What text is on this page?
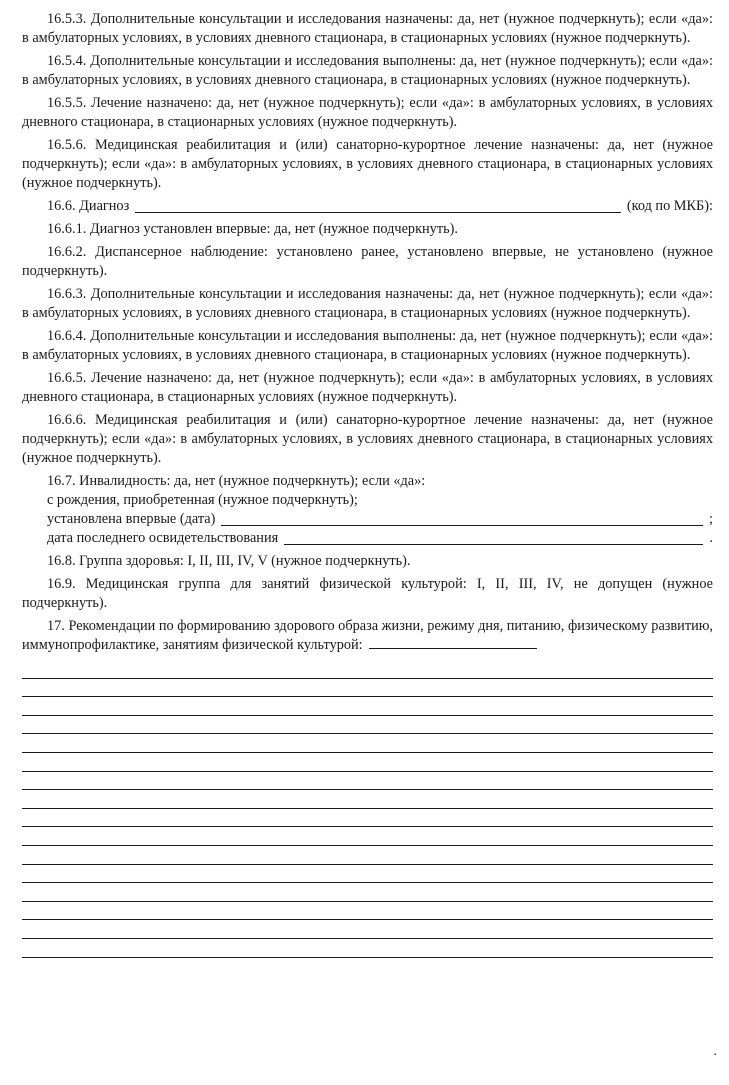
16.5.3. Дополнительные консультации и исследования назначены: да, нет (нужное подчеркнуть); если «да»: в амбулаторных условиях, в условиях дневного стационара, в стационарных условиях (нужное подчеркнуть).

16.5.4. Дополнительные консультации и исследования выполнены: да, нет (нужное подчеркнуть); если «да»: в амбулаторных условиях, в условиях дневного стационара, в стационарных условиях (нужное подчеркнуть).

16.5.5. Лечение назначено: да, нет (нужное подчеркнуть); если «да»: в амбулаторных условиях, в условиях дневного стационара, в стационарных условиях (нужное подчеркнуть).

16.5.6. Медицинская реабилитация и (или) санаторно-курортное лечение назначены: да, нет (нужное подчеркнуть); если «да»: в амбулаторных условиях, в условиях дневного стационара, в стационарных условиях (нужное подчеркнуть).

16.6. Диагноз	(код по МКБ):

16.6.1. Диагноз установлен впервые: да, нет (нужное подчеркнуть).

16.6.2. Диспансерное наблюдение: установлено ранее, установлено впервые, не установлено (нужное подчеркнуть).

16.6.3. Дополнительные консультации и исследования назначены: да, нет (нужное подчеркнуть); если «да»: в амбулаторных условиях, в условиях дневного стационара, в стационарных условиях (нужное подчеркнуть).

16.6.4. Дополнительные консультации и исследования выполнены: да, нет (нужное подчеркнуть); если «да»: в амбулаторных условиях, в условиях дневного стационара, в стационарных условиях (нужное подчеркнуть).

16.6.5. Лечение назначено: да, нет (нужное подчеркнуть); если «да»: в амбулаторных условиях, в условиях дневного стационара, в стационарных условиях (нужное подчеркнуть).

16.6.6. Медицинская реабилитация и (или) санаторно-курортное лечение назначены: да, нет (нужное подчеркнуть); если «да»: в амбулаторных условиях, в условиях дневного стационара, в стационарных условиях (нужное подчеркнуть).

16.7. Инвалидность: да, нет (нужное подчеркнуть); если «да»:

с рождения, приобретенная (нужное подчеркнуть);
установлена впервые (дата)	;
дата последнего освидетельствования	.

16.8. Группа здоровья: I, II, III, IV, V (нужное подчеркнуть).

16.9. Медицинская группа для занятий физической культурой: I, II, III, IV, не допущен (нужное подчеркнуть).

17. Рекомендации по формированию здорового образа жизни, режиму дня, питанию, физическому развитию, иммунопрофилактике, занятиям физической культурой:

.
